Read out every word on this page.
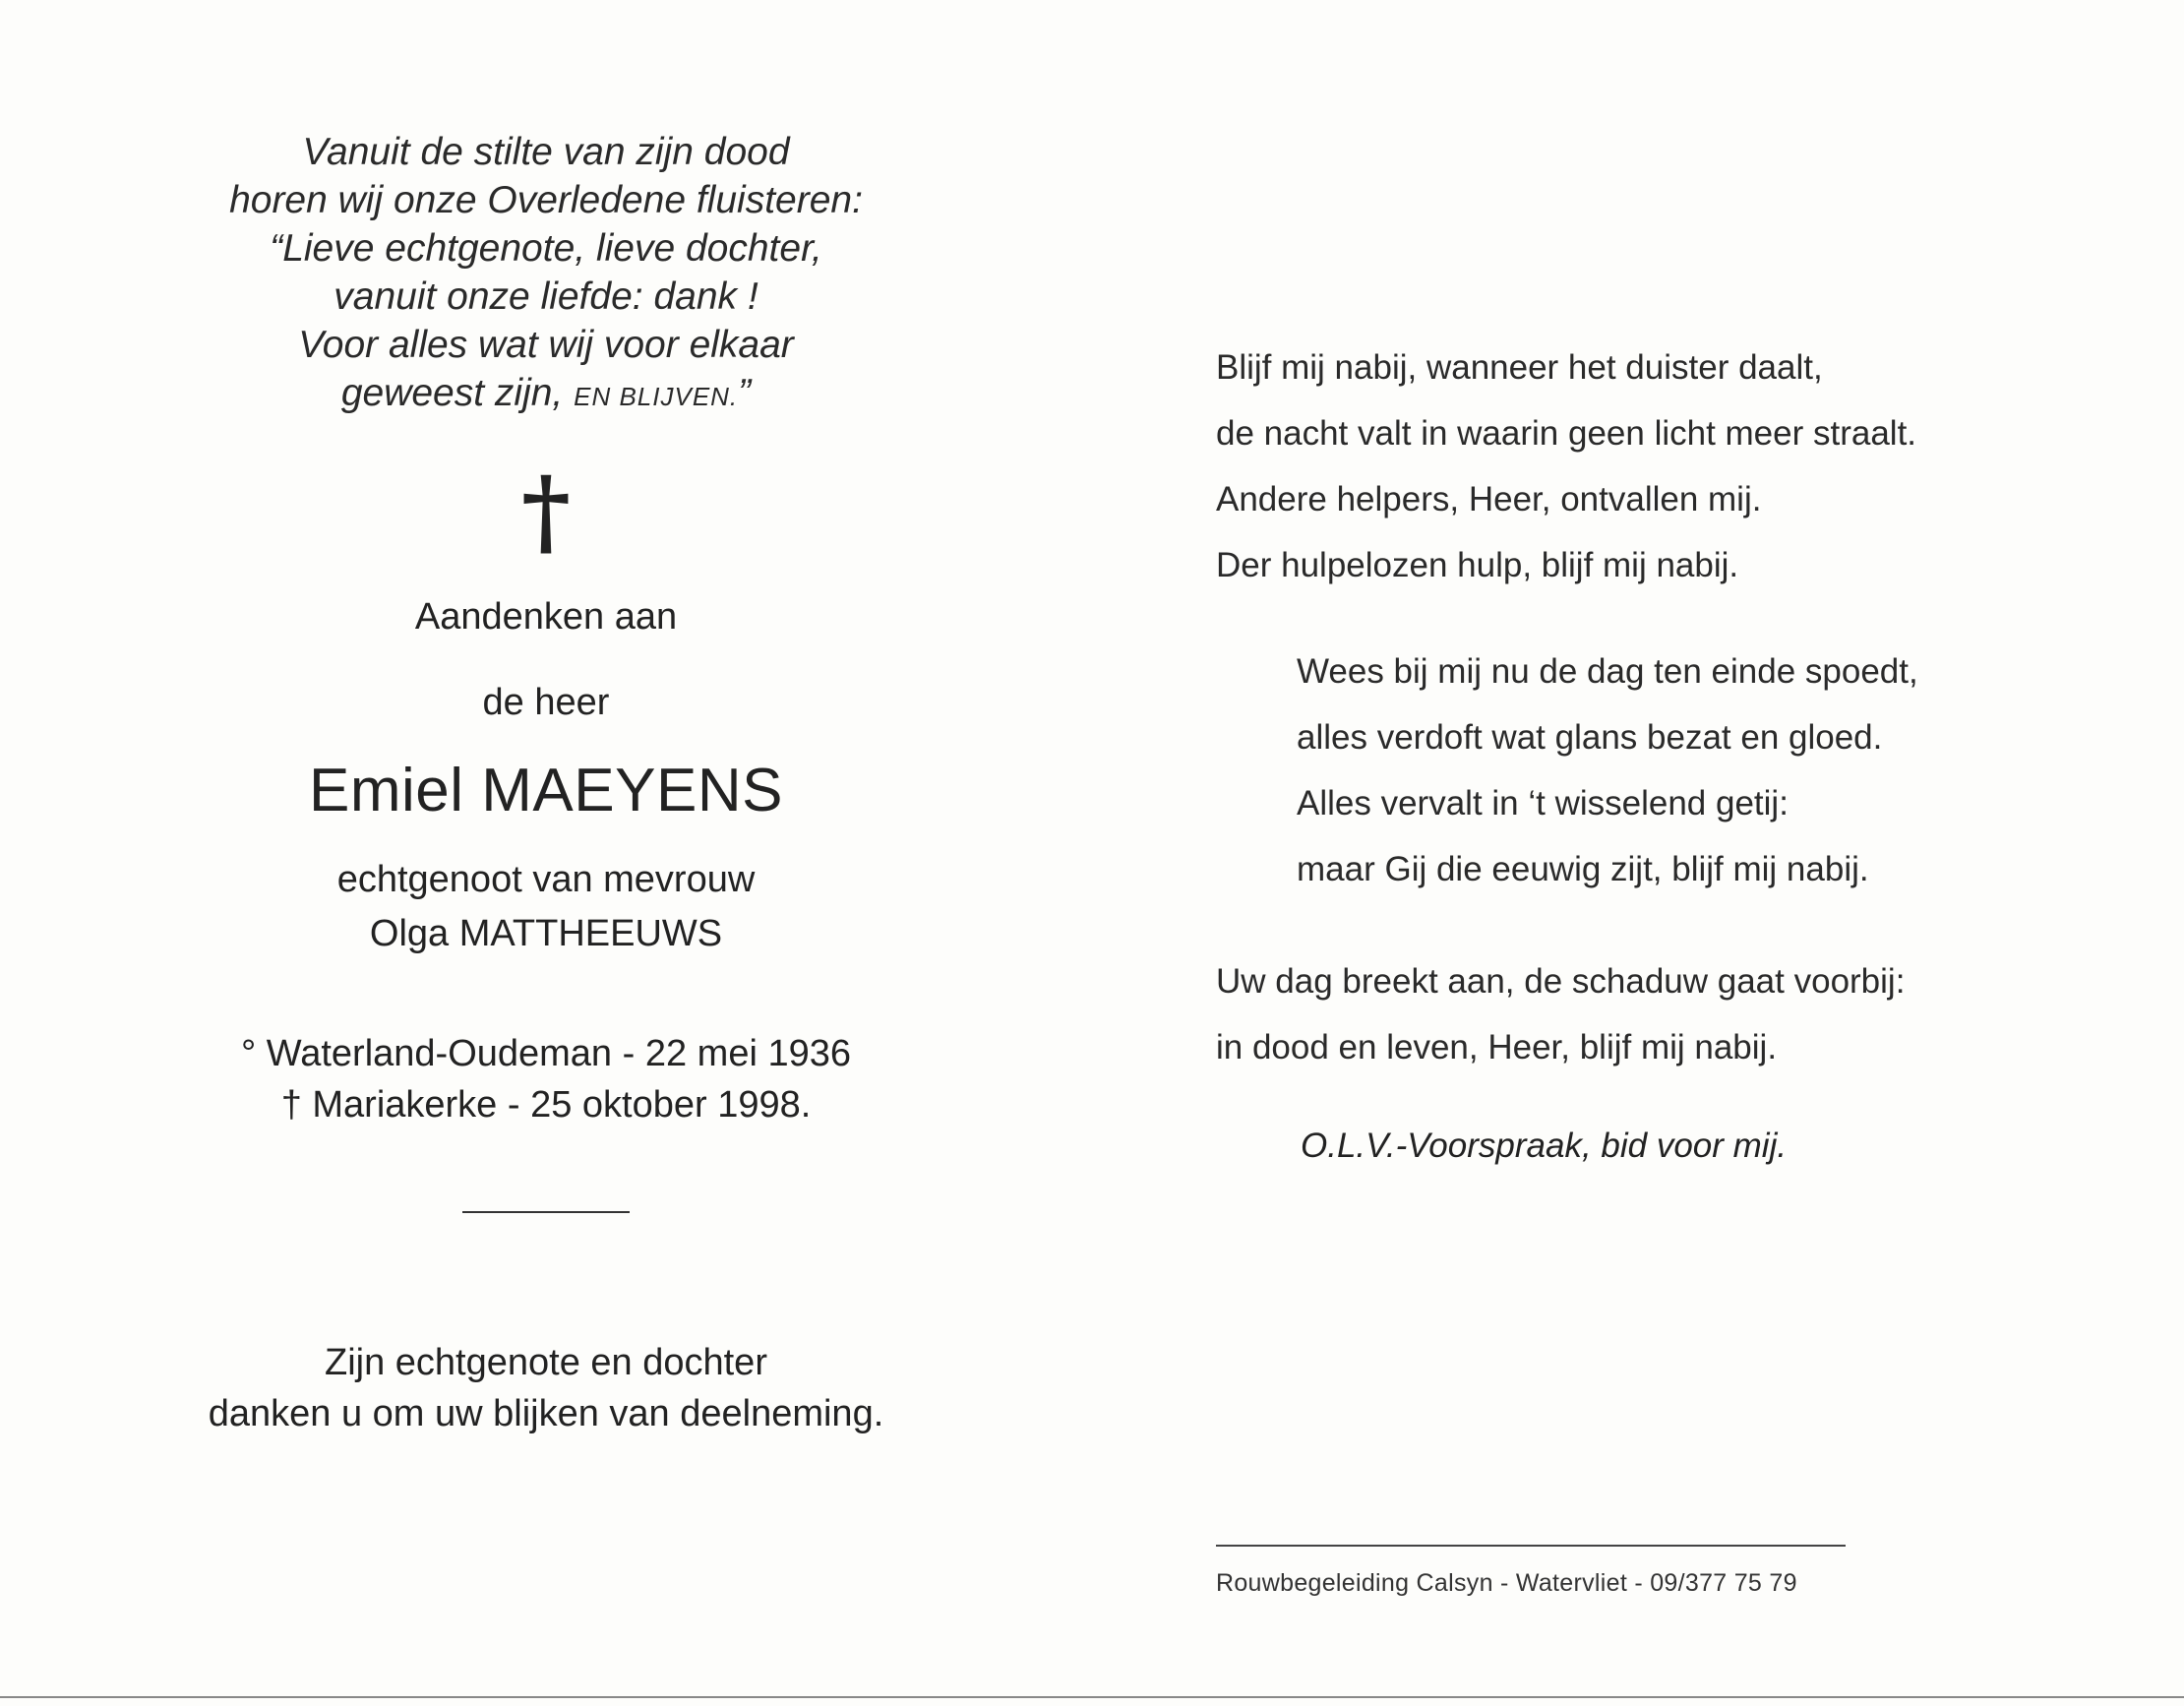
Vanuit de stilte van zijn dood
horen wij onze Overledene fluisteren:
“Lieve echtgenote, lieve dochter,
vanuit onze liefde: dank !
Voor alles wat wij voor elkaar
geweest zijn, EN BLIJVEN.”
†
Aandenken aan
de heer
Emiel MAEYENS
echtgenoot van mevrouw
Olga MATTHEEUWS
° Waterland-Oudeman - 22 mei 1936
† Mariakerke - 25 oktober 1998.
Zijn echtgenote en dochter
danken u om uw blijken van deelneming.
Blijf mij nabij, wanneer het duister daalt,
de nacht valt in waarin geen licht meer straalt.
Andere helpers, Heer, ontvallen mij.
Der hulpelozen hulp, blijf mij nabij.
Wees bij mij nu de dag ten einde spoedt,
alles verdoft wat glans bezat en gloed.
Alles vervalt in ‘t wisselend getij:
maar Gij die eeuwig zijt, blijf mij nabij.
Uw dag breekt aan, de schaduw gaat voorbij:
in dood en leven, Heer, blijf mij nabij.
O.L.V.-Voorspraak, bid voor mij.
Rouwbegeleiding Calsyn - Watervliet - 09/377 75 79
